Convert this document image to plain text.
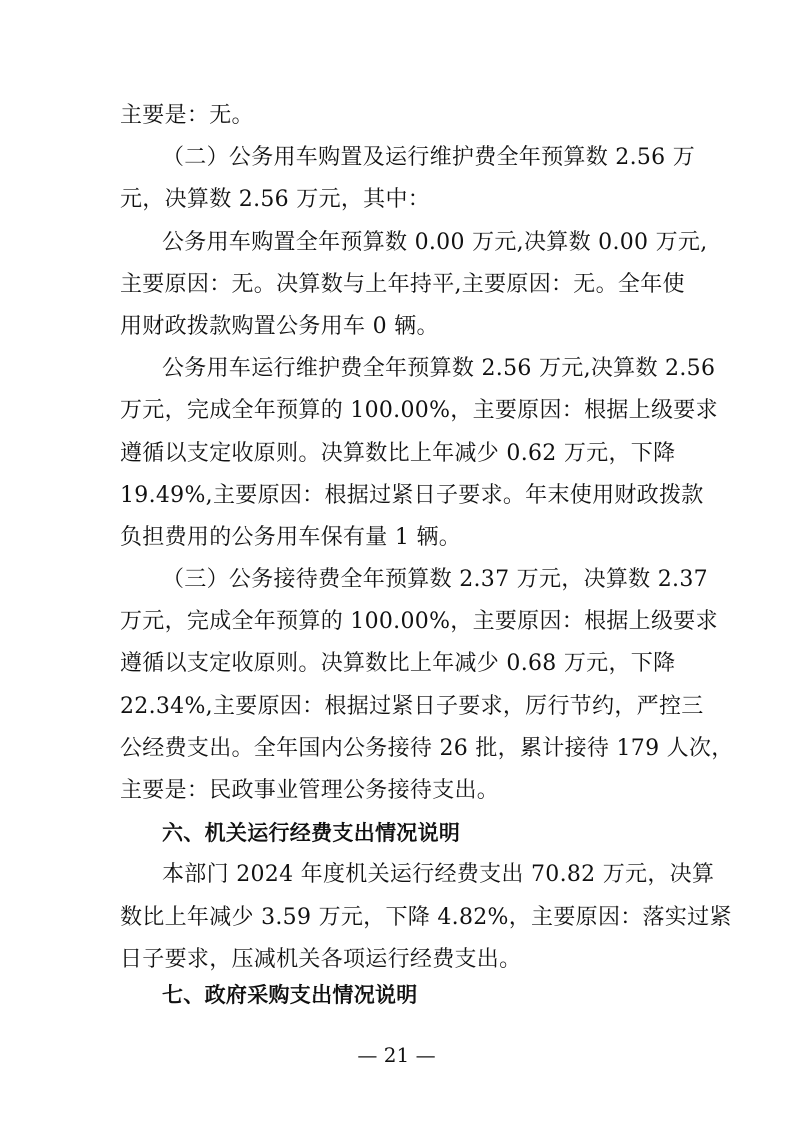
主要是：无。
（二）公务用车购置及运行维护费全年预算数 2.56 万
元，决算数 2.56 万元，其中：
公务用车购置全年预算数 0.00 万元,决算数 0.00 万元,
主要原因：无。决算数与上年持平,主要原因：无。全年使
用财政拨款购置公务用车 0 辆。
公务用车运行维护费全年预算数 2.56 万元,决算数 2.56
万元，完成全年预算的 100.00%，主要原因：根据上级要求
遵循以支定收原则。决算数比上年减少 0.62 万元，下降
19.49%,主要原因：根据过紧日子要求。年末使用财政拨款
负担费用的公务用车保有量 1 辆。
（三）公务接待费全年预算数 2.37 万元，决算数 2.37
万元，完成全年预算的 100.00%，主要原因：根据上级要求
遵循以支定收原则。决算数比上年减少 0.68 万元，下降
22.34%,主要原因：根据过紧日子要求，厉行节约，严控三
公经费支出。全年国内公务接待 26 批，累计接待 179 人次，
主要是：民政事业管理公务接待支出。
六、机关运行经费支出情况说明
本部门 2024 年度机关运行经费支出 70.82 万元，决算
数比上年减少 3.59 万元，下降 4.82%，主要原因：落实过紧
日子要求，压减机关各项运行经费支出。
七、政府采购支出情况说明
— 21 —
